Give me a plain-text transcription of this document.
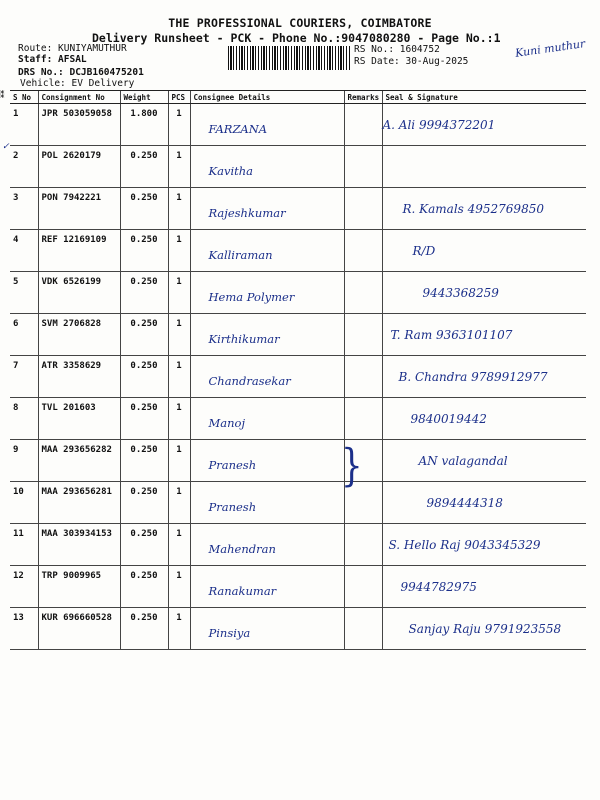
THE PROFESSIONAL COURIERS, COIMBATORE
Delivery Runsheet - PCK - Phone No.:9047080280 - Page No.:1
Route: KUNIYAMUTHUR
Staff: AFSAL
DRS No.: DCJB160475201
Vehicle: EV Delivery
RS No.: 1604752
RS Date: 30-Aug-2025
Kuni muthur
⁑
✓
S No	Consignment No	Weight	PCS	Consignee Details	Remarks	Seal & Signature
1	JPR 503059058	1.800	1	FARZANA		A. Ali 9994372201

2	POL 2620179	0.250	1	Kavitha		

3	PON 7942221	0.250	1	Rajeshkumar		R. Kamals 4952769850

4	REF 12169109	0.250	1	Kalliraman		R/D

5	VDK 6526199	0.250	1	Hema Polymer		9443368259

6	SVM 2706828	0.250	1	Kirthikumar		T. Ram 9363101107

7	ATR 3358629	0.250	1	Chandrasekar		B. Chandra 9789912977

8	TVL 201603	0.250	1	Manoj		9840019442

9	MAA 293656282	0.250	1	Pranesh		AN valagandal

10	MAA 293656281	0.250	1	Pranesh		9894444318

11	MAA 303934153	0.250	1	Mahendran		S. Hello Raj 9043345329

12	TRP 9009965	0.250	1	Ranakumar		9944782975

13	KUR 696660528	0.250	1	Pinsiya		Sanjay Raju 9791923558
}
